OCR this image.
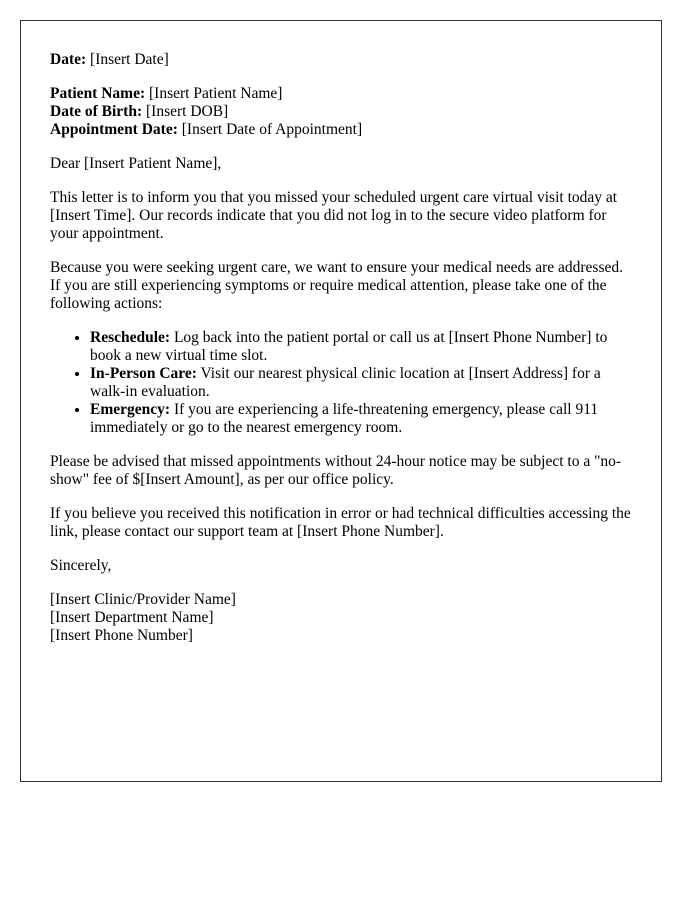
Date: [Insert Date]

Patient Name: [Insert Patient Name]
Date of Birth: [Insert DOB]
Appointment Date: [Insert Date of Appointment]

Dear [Insert Patient Name],

This letter is to inform you that you missed your scheduled urgent care virtual visit today at [Insert Time]. Our records indicate that you did not log in to the secure video platform for your appointment.

Because you were seeking urgent care, we want to ensure your medical needs are addressed. If you are still experiencing symptoms or require medical attention, please take one of the following actions:

• Reschedule: Log back into the patient portal or call us at [Insert Phone Number] to book a new virtual time slot.
• In-Person Care: Visit our nearest physical clinic location at [Insert Address] for a walk-in evaluation.
• Emergency: If you are experiencing a life-threatening emergency, please call 911 immediately or go to the nearest emergency room.

Please be advised that missed appointments without 24-hour notice may be subject to a "no-show" fee of $[Insert Amount], as per our office policy.

If you believe you received this notification in error or had technical difficulties accessing the link, please contact our support team at [Insert Phone Number].

Sincerely,

[Insert Clinic/Provider Name]
[Insert Department Name]
[Insert Phone Number]
